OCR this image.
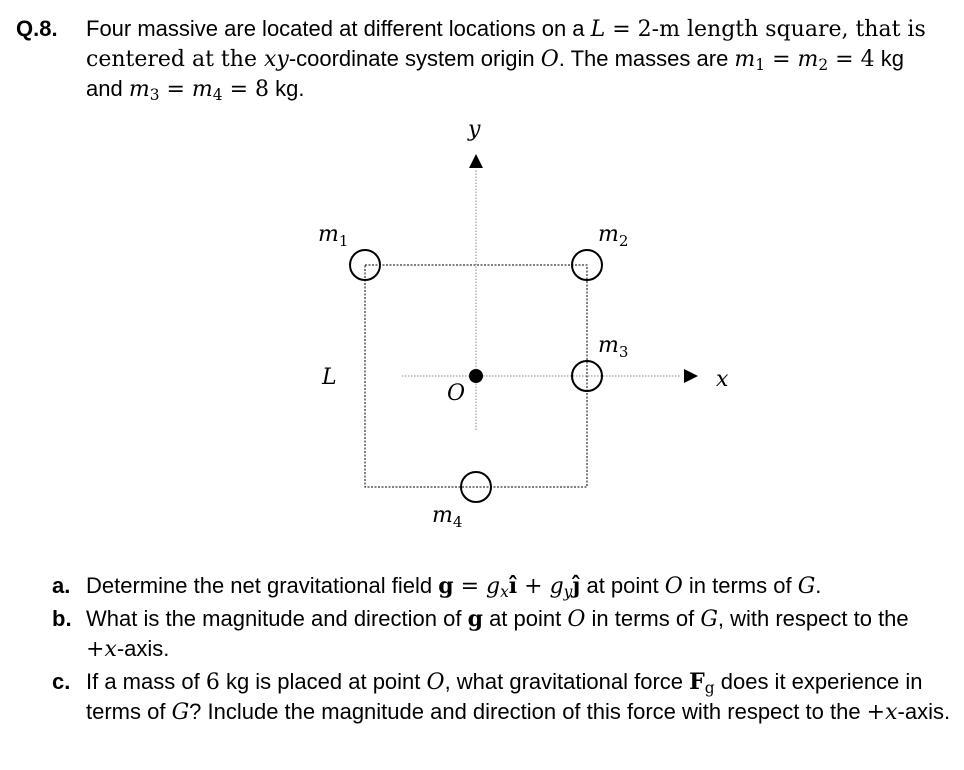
Q.8. Four massive are located at different locations on a L = 2-m length square, that is centered at the xy-coordinate system origin O. The masses are $m_1 = m_2 = 4$ kg and $m_3 = m_4 = 8$ kg.
y
x
O
L
$m_1$	$m_2$
$m_3$
$m_4$
a. Determine the net gravitational field $g = g_xî$ + $g_yĵ$ at point O in terms of G.
b. What is the magnitude and direction of g at point O in terms of G, with respect to the +x-axis.
c. If a mass of 6 kg is placed at point O, what gravitational force $F_g$ does it experience in terms of G? Include the magnitude and direction of this force with respect to the +x-axis.
